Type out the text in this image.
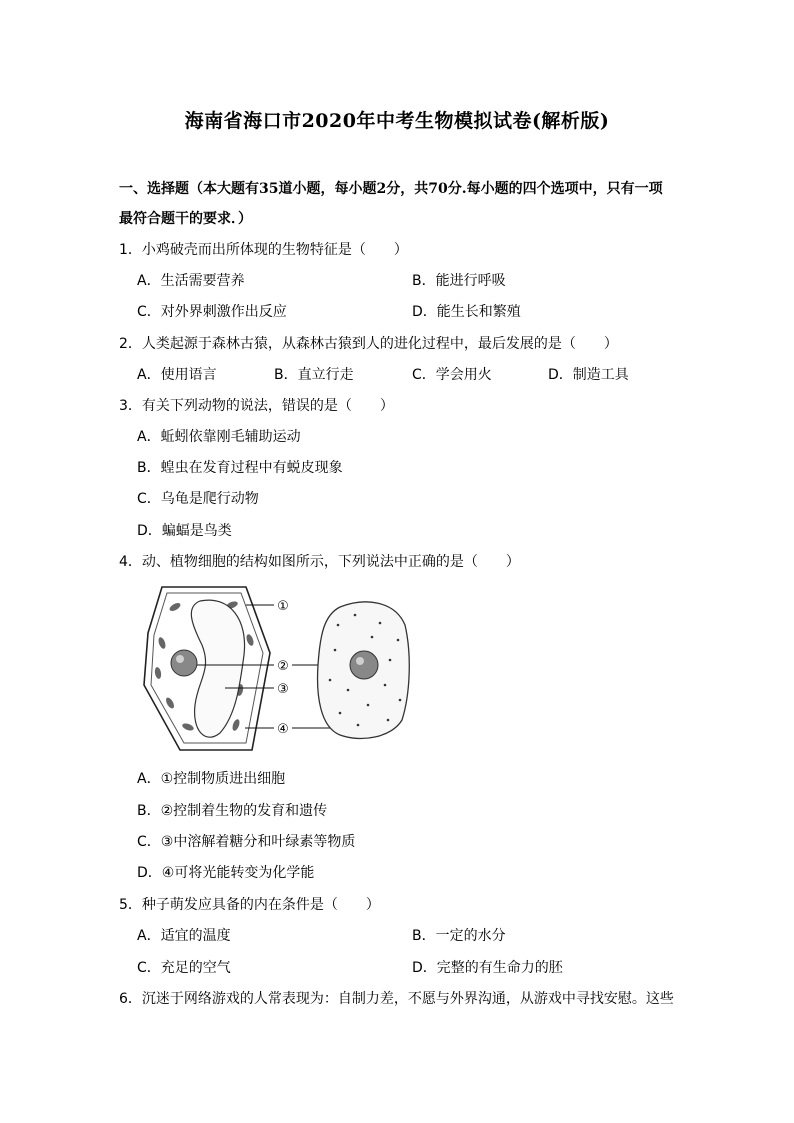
海南省海口市2020年中考生物模拟试卷(解析版)
一、选择题（本大题有35道小题，每小题2分，共70分.每小题的四个选项中，只有一项
最符合题干的要求．）
1．小鸡破壳而出所体现的生物特征是（　　）
A．生活需要营养	B．能进行呼吸
C．对外界刺激作出反应	D．能生长和繁殖
2．人类起源于森林古猿，从森林古猿到人的进化过程中，最后发展的是（　　）
A．使用语言	B．直立行走	C．学会用火	D．制造工具
3．有关下列动物的说法，错误的是（　　）
A．蚯蚓依靠刚毛辅助运动
B．蝗虫在发育过程中有蜕皮现象
C．乌龟是爬行动物
D．蝙蝠是鸟类
4．动、植物细胞的结构如图所示，下列说法中正确的是（　　）
①
②
③
④
A．①控制物质进出细胞
B．②控制着生物的发育和遗传
C．③中溶解着糖分和叶绿素等物质
D．④可将光能转变为化学能
5．种子萌发应具备的内在条件是（　　）
A．适宜的温度	B．一定的水分
C．充足的空气	D．完整的有生命力的胚
6．沉迷于网络游戏的人常表现为：自制力差，不愿与外界沟通，从游戏中寻找安慰。这些
